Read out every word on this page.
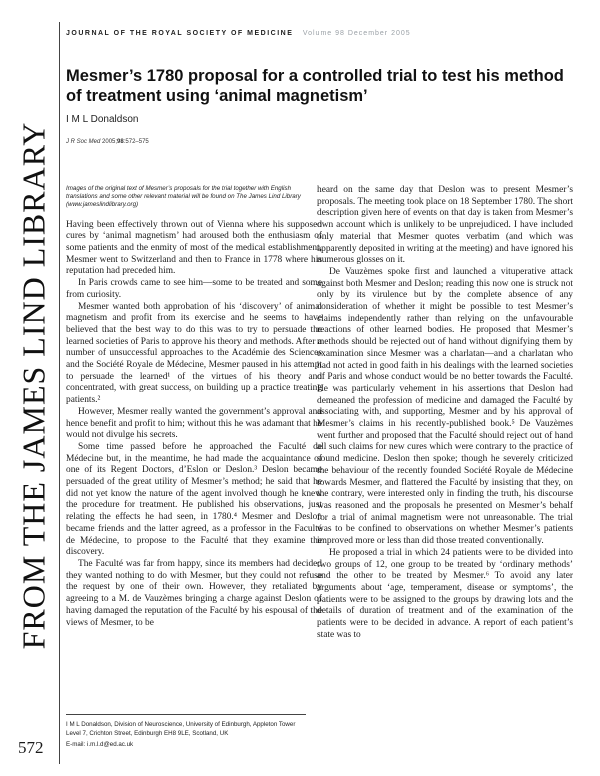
FROM THE JAMES LIND LIBRARY
572
JOURNAL OF THE ROYAL SOCIETY OF MEDICINE Volume 98 December 2005
Mesmer’s 1780 proposal for a controlled trial to test his method of treatment using ‘animal magnetism’
I M L Donaldson
J R Soc Med 2005;98:572–575

Images of the original text of Mesmer’s proposals for the trial together with English translations and some other relevant material will be found on The James Lind Library (www.jameslindlibrary.org)

Having been effectively thrown out of Vienna where his supposed cures by ‘animal magnetism’ had aroused both the enthusiasm of some patients and the enmity of most of the medical establishment, Mesmer went to Switzerland and then to France in 1778 where his reputation had preceded him.

In Paris crowds came to see him—some to be treated and some from curiosity.

Mesmer wanted both approbation of his ‘discovery’ of animal magnetism and profit from its exercise and he seems to have believed that the best way to do this was to try to persuade the learned societies of Paris to approve his theory and methods. After a number of unsuccessful approaches to the Académie des Sciences and the Société Royale de Médecine, Mesmer paused in his attempt to persuade the learned¹ of the virtues of his theory and concentrated, with great success, on building up a practice treating patients.²

However, Mesmer really wanted the government’s approval and hence benefit and profit to him; without this he was adamant that he would not divulge his secrets.

Some time passed before he approached the Faculté de Médecine but, in the meantime, he had made the acquaintance of one of its Regent Doctors, d’Eslon or Deslon.³ Deslon became persuaded of the great utility of Mesmer’s method; he said that he did not yet know the nature of the agent involved though he knew the procedure for treatment. He published his observations, just relating the effects he had seen, in 1780.⁴ Mesmer and Deslon became friends and the latter agreed, as a professor in the Faculté de Médecine, to propose to the Faculté that they examine the discovery.

The Faculté was far from happy, since its members had decided they wanted nothing to do with Mesmer, but they could not refuse the request by one of their own. However, they retaliated by agreeing to a M. de Vauzèmes bringing a charge against Deslon of having damaged the reputation of the Faculté by his espousal of the views of Mesmer, to be

heard on the same day that Deslon was to present Mesmer’s proposals. The meeting took place on 18 September 1780. The short description given here of events on that day is taken from Mesmer’s own account which is unlikely to be unprejudiced. I have included only material that Mesmer quotes verbatim (and which was apparently deposited in writing at the meeting) and have ignored his numerous glosses on it.

De Vauzèmes spoke first and launched a vituperative attack against both Mesmer and Deslon; reading this now one is struck not only by its virulence but by the complete absence of any consideration of whether it might be possible to test Mesmer’s claims independently rather than relying on the unfavourable reactions of other learned bodies. He proposed that Mesmer’s methods should be rejected out of hand without dignifying them by examination since Mesmer was a charlatan—and a charlatan who had not acted in good faith in his dealings with the learned societies of Paris and whose conduct would be no better towards the Faculté. He was particularly vehement in his assertions that Deslon had demeaned the profession of medicine and damaged the Faculté by associating with, and supporting, Mesmer and by his approval of Mesmer’s claims in his recently-published book.⁵ De Vauzèmes went further and proposed that the Faculté should reject out of hand all such claims for new cures which were contrary to the practice of sound medicine. Deslon then spoke; though he severely criticized the behaviour of the recently founded Société Royale de Médecine towards Mesmer, and flattered the Faculté by insisting that they, on the contrary, were interested only in finding the truth, his discourse was reasoned and the proposals he presented on Mesmer’s behalf for a trial of animal magnetism were not unreasonable. The trial was to be confined to observations on whether Mesmer’s patients improved more or less than did those treated conventionally.

He proposed a trial in which 24 patients were to be divided into two groups of 12, one group to be treated by ‘ordinary methods’ and the other to be treated by Mesmer.⁶ To avoid any later arguments about ‘age, temperament, disease or symptoms’, the patients were to be assigned to the groups by drawing lots and the details of duration of treatment and of the examination of the patients were to be decided in advance. A report of each patient’s state was to

I M L Donaldson, Division of Neuroscience, University of Edinburgh, Appleton Tower Level 7, Crichton Street, Edinburgh EH8 9LE, Scotland, UK
E-mail: i.m.l.d@ed.ac.uk
